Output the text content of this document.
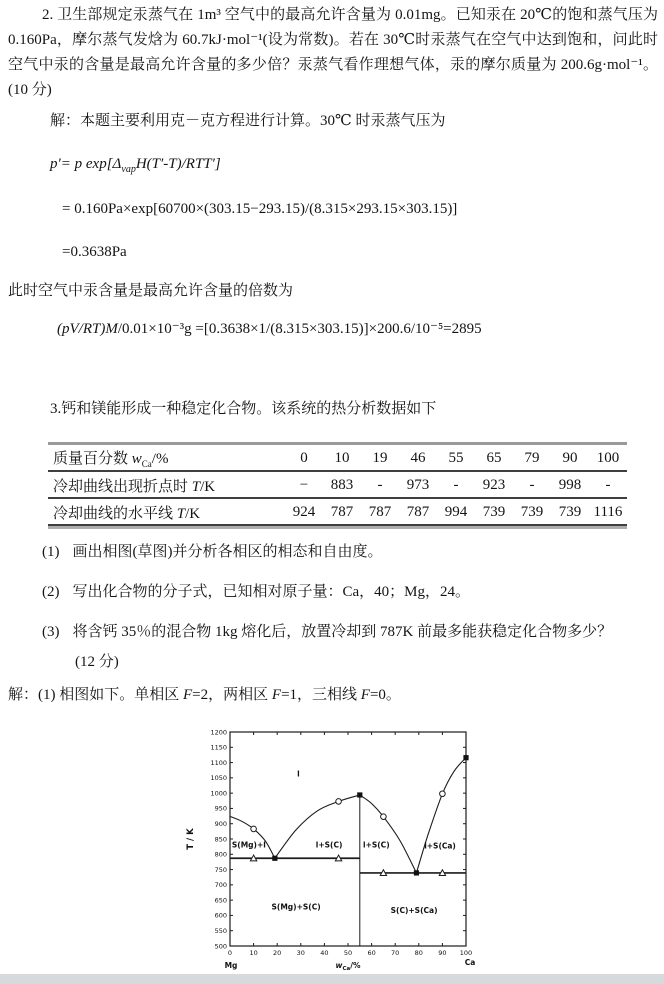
2. 卫生部规定汞蒸气在 1m³ 空气中的最高允许含量为 0.01mg。已知汞在 20℃的饱和蒸气压为 0.160Pa，摩尔蒸气发焓为 60.7kJ·mol⁻¹(设为常数)。若在 30℃时汞蒸气在空气中达到饱和，问此时空气中汞的含量是最高允许含量的多少倍？汞蒸气看作理想气体，汞的摩尔质量为 200.6g·mol⁻¹。(10 分)

解：本题主要利用克－克方程进行计算。30℃ 时汞蒸气压为

p′= p $\exp[\Delta_{vap}H(T'-T)/RTT']$

= 0.160Pa×exp[60700×(303.15−293.15)/(8.315×293.15×303.15)]

=0.3638Pa

此时空气中汞含量是最高允许含量的倍数为

(pV/RT)M/0.01×10⁻³g =[0.3638×1/(8.315×303.15)]×200.6/10⁻⁵=2895

3.钙和镁能形成一种稳定化合物。该系统的热分析数据如下

质量百分数 $w_{Ca}/\%$	0	10	19	46	55	65	79	90	100
冷却曲线出现折点时 T/K	−	883	-	973	-	923	-	998	-
冷却曲线的水平线 T/K	924	787	787	787	994	739	739	739	1116
(1) 画出相图(草图)并分析各相区的相态和自由度。
(2) 写出化合物的分子式，已知相对原子量：Ca，40；Mg，24。
(3) 将含钙 35％的混合物 1kg 熔化后，放置冷却到 787K 前最多能获稳定化合物多少？
(12 分)

解：(1) 相图如下。单相区 F=2，两相区 F=1，三相线 F=0。

0	10 20 30 40 50 60 70 80 90 100
500
550
600
650
700
750
800
850
900
950
1000
1050
1100
1150
1200
l
S(Mg)+l	l+S(C)	l+S(C)	l+S(Ca)
S(Mg)+S(C)	S(C)+S(Ca)
T / K
Mg	Ca
$w_{Ca}/\%$
